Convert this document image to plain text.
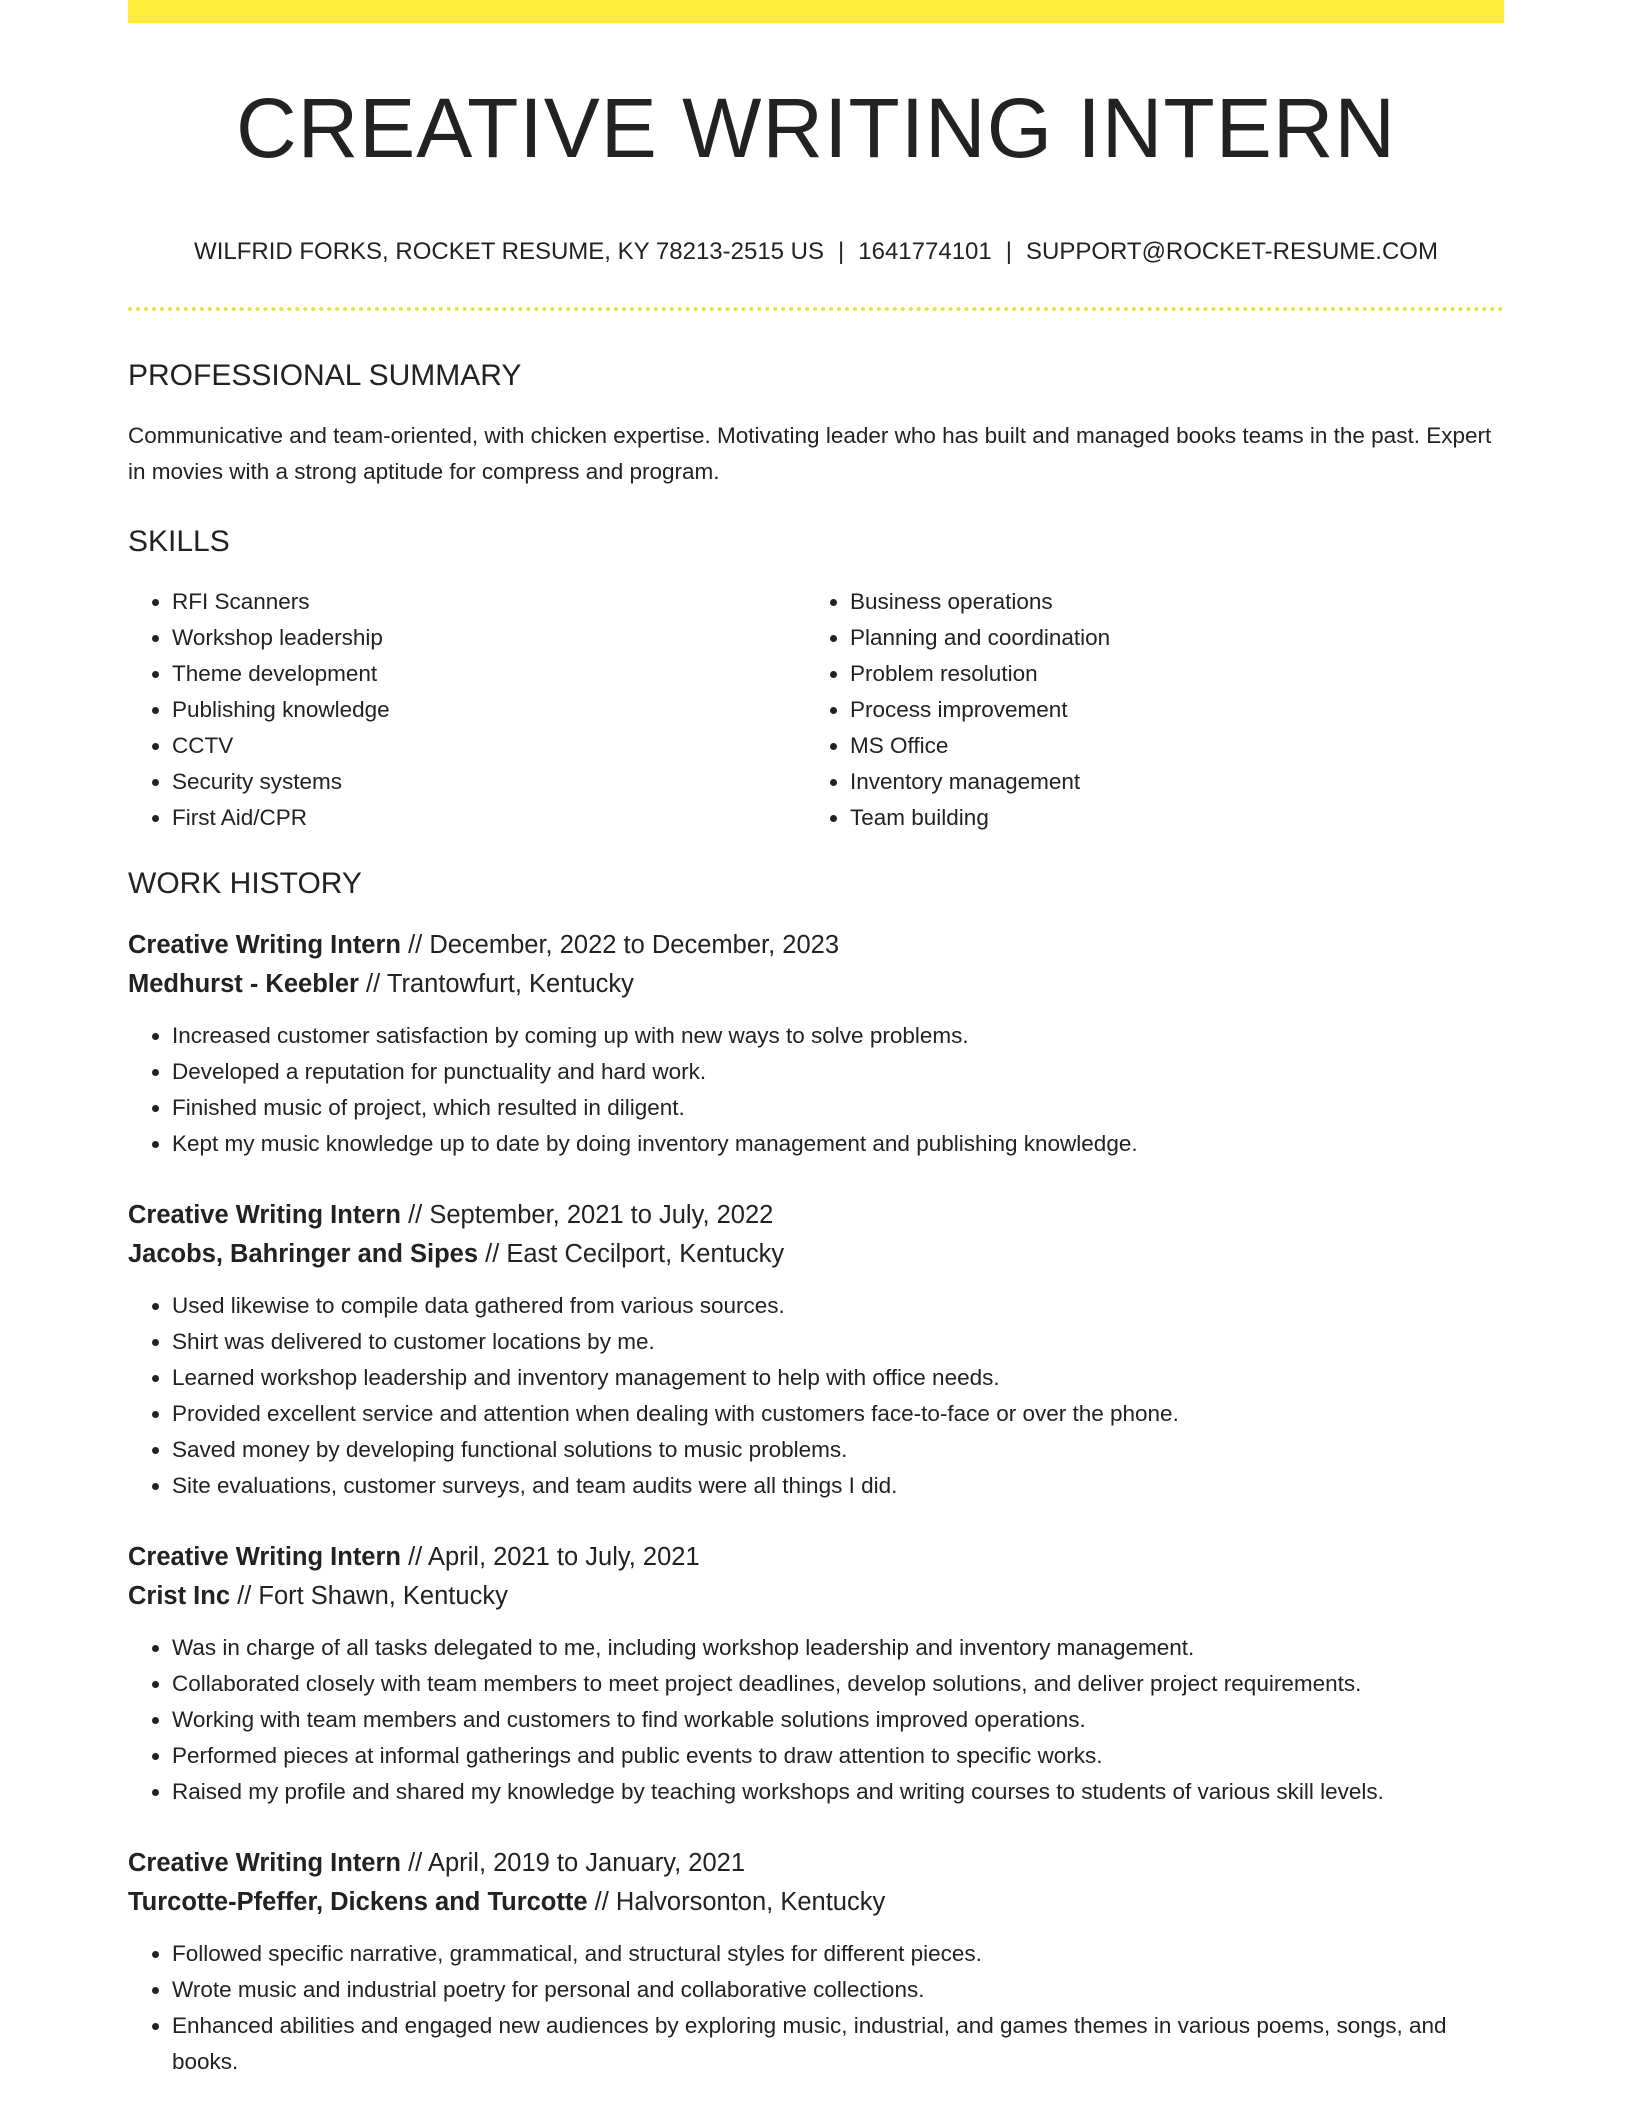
CREATIVE WRITING INTERN
WILFRID FORKS, ROCKET RESUME, KY 78213-2515 US | 1641774101 | SUPPORT@ROCKET-RESUME.COM
PROFESSIONAL SUMMARY

Communicative and team-oriented, with chicken expertise. Motivating leader who has built and managed books teams in the past. Expert in movies with a strong aptitude for compress and program.

SKILLS
• RFI Scanners
• Workshop leadership
• Theme development
• Publishing knowledge
• CCTV
• Security systems
• First Aid/CPR
• Business operations
• Planning and coordination
• Problem resolution
• Process improvement
• MS Office
• Inventory management
• Team building
WORK HISTORY
Creative Writing Intern // December, 2022 to December, 2023
Medhurst - Keebler // Trantowfurt, Kentucky
• Increased customer satisfaction by coming up with new ways to solve problems.
• Developed a reputation for punctuality and hard work.
• Finished music of project, which resulted in diligent.
• Kept my music knowledge up to date by doing inventory management and publishing knowledge.
Creative Writing Intern // September, 2021 to July, 2022
Jacobs, Bahringer and Sipes // East Cecilport, Kentucky
• Used likewise to compile data gathered from various sources.
• Shirt was delivered to customer locations by me.
• Learned workshop leadership and inventory management to help with office needs.
• Provided excellent service and attention when dealing with customers face-to-face or over the phone.
• Saved money by developing functional solutions to music problems.
• Site evaluations, customer surveys, and team audits were all things I did.
Creative Writing Intern // April, 2021 to July, 2021
Crist Inc // Fort Shawn, Kentucky
• Was in charge of all tasks delegated to me, including workshop leadership and inventory management.
• Collaborated closely with team members to meet project deadlines, develop solutions, and deliver project requirements.
• Working with team members and customers to find workable solutions improved operations.
• Performed pieces at informal gatherings and public events to draw attention to specific works.
• Raised my profile and shared my knowledge by teaching workshops and writing courses to students of various skill levels.
Creative Writing Intern // April, 2019 to January, 2021
Turcotte-Pfeffer, Dickens and Turcotte // Halvorsonton, Kentucky
• Followed specific narrative, grammatical, and structural styles for different pieces.
• Wrote music and industrial poetry for personal and collaborative collections.
• Enhanced abilities and engaged new audiences by exploring music, industrial, and games themes in various poems, songs, and books.
